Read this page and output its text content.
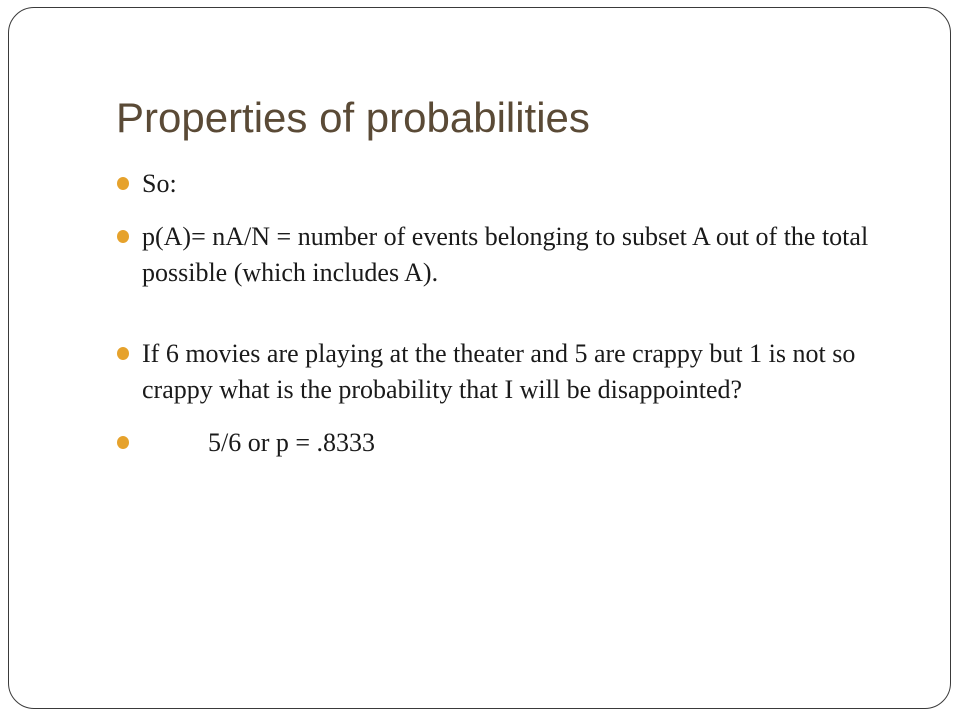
Properties of probabilities
So:
p(A)= nA/N = number of events belonging to subset A out of the total possible (which includes A).
If 6 movies are playing at the theater and 5 are crappy but 1 is not so crappy what is the probability that I will be disappointed?
5/6 or p = .8333
